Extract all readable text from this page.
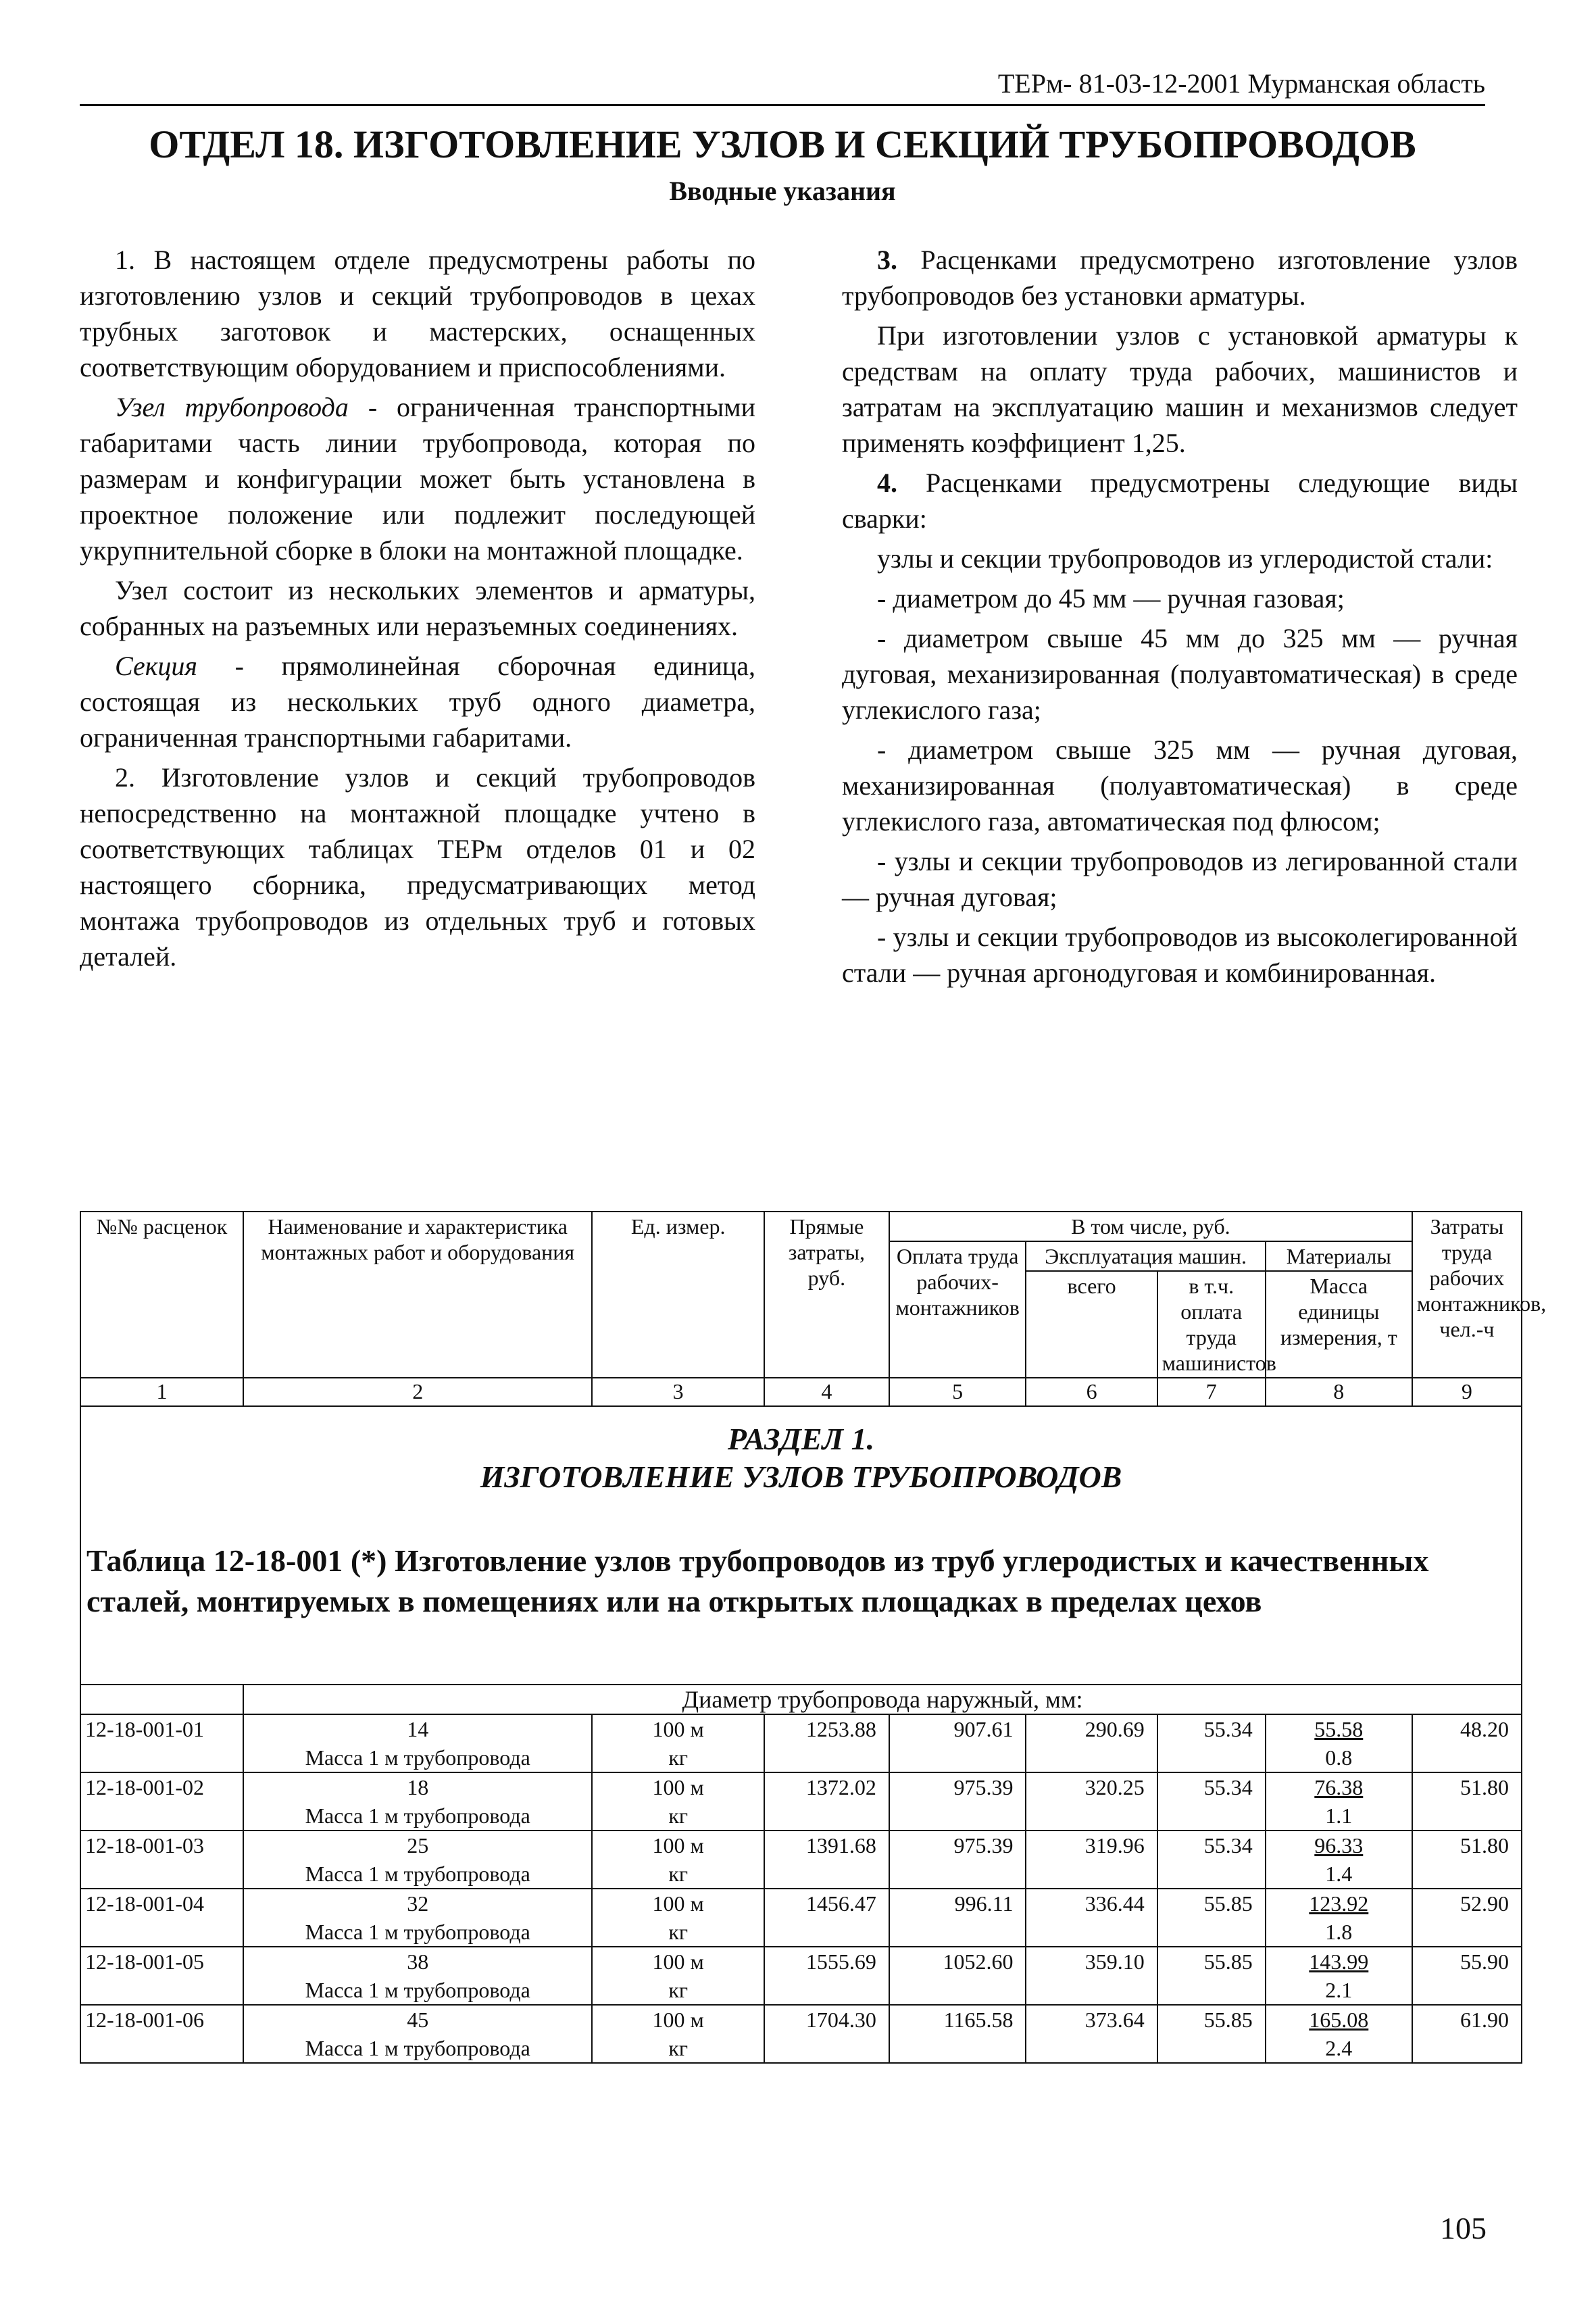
ТЕРм- 81-03-12-2001 Мурманская область
ОТДЕЛ 18. ИЗГОТОВЛЕНИЕ УЗЛОВ И СЕКЦИЙ ТРУБОПРОВОДОВ
Вводные указания

1. В настоящем отделе предусмотрены работы по изготовлению узлов и секций трубопроводов в цехах трубных заготовок и мастерских, оснащенных соответствующим оборудованием и приспособлениями.

Узел трубопровода - ограниченная транспортными габаритами часть линии трубопровода, которая по размерам и конфигурации может быть установлена в проектное положение или подлежит последующей укрупнительной сборке в блоки на монтажной площадке.

Узел состоит из нескольких элементов и арматуры, собранных на разъемных или неразъемных соединениях.

Секция - прямолинейная сборочная единица, состоящая из нескольких труб одного диаметра, ограниченная транспортными габаритами.

2. Изготовление узлов и секций трубопроводов непосредственно на монтажной площадке учтено в соответствующих таблицах ТЕРм отделов 01 и 02 настоящего сборника, предусматривающих метод монтажа трубопроводов из отдельных труб и готовых деталей.

3. Расценками предусмотрено изготовление узлов трубопроводов без установки арматуры.

При изготовлении узлов с установкой арматуры к средствам на оплату труда рабочих, машинистов и затратам на эксплуатацию машин и механизмов следует применять коэффициент 1,25.

4. Расценками предусмотрены следующие виды сварки:

узлы и секции трубопроводов из углеродистой стали:

- диаметром до 45 мм — ручная газовая;

- диаметром свыше 45 мм до 325 мм — ручная дуговая, механизированная (полуавтоматическая) в среде углекислого газа;

- диаметром свыше 325 мм — ручная дуговая, механизированная (полуавтоматическая) в среде углекислого газа, автоматическая под флюсом;

- узлы и секции трубопроводов из легированной стали — ручная дуговая;

- узлы и секции трубопроводов из высоколегированной стали — ручная аргонодуговая и комбинированная.

№№ расценок	Наименование и характеристика монтажных работ и оборудования	Ед. измер.	Прямые затраты, руб.	В том числе, руб.				Затраты труда рабочих монтажников, чел.-ч
				Оплата труда рабочих-монтажников	Эксплуатация машин.		Материалы	
					всего	в т.ч. оплата труда машинистов	Масса единицы измерения, т	
1	2	3	4	5	6	7	8	9

РАЗДЕЛ 1.
ИЗГОТОВЛЕНИЕ УЗЛОВ ТРУБОПРОВОДОВ
Таблица 12-18-001 (*) Изготовление узлов трубопроводов из труб углеродистых и качественных сталей, монтируемых в помещениях или на открытых площадках в пределах цехов								

	Диаметр трубопровода наружный, мм:							
12-18-001-01	14	100 м	1253.88	907.61	290.69	55.34	55.58	48.20
	Масса 1 м трубопровода	кг					0.8	
12-18-001-02	18	100 м	1372.02	975.39	320.25	55.34	76.38	51.80
	Масса 1 м трубопровода	кг					1.1	
12-18-001-03	25	100 м	1391.68	975.39	319.96	55.34	96.33	51.80
	Масса 1 м трубопровода	кг					1.4	
12-18-001-04	32	100 м	1456.47	996.11	336.44	55.85	123.92	52.90
	Масса 1 м трубопровода	кг					1.8	
12-18-001-05	38	100 м	1555.69	1052.60	359.10	55.85	143.99	55.90
	Масса 1 м трубопровода	кг					2.1	
12-18-001-06	45	100 м	1704.30	1165.58	373.64	55.85	165.08	61.90
	Масса 1 м трубопровода	кг					2.4	
105
